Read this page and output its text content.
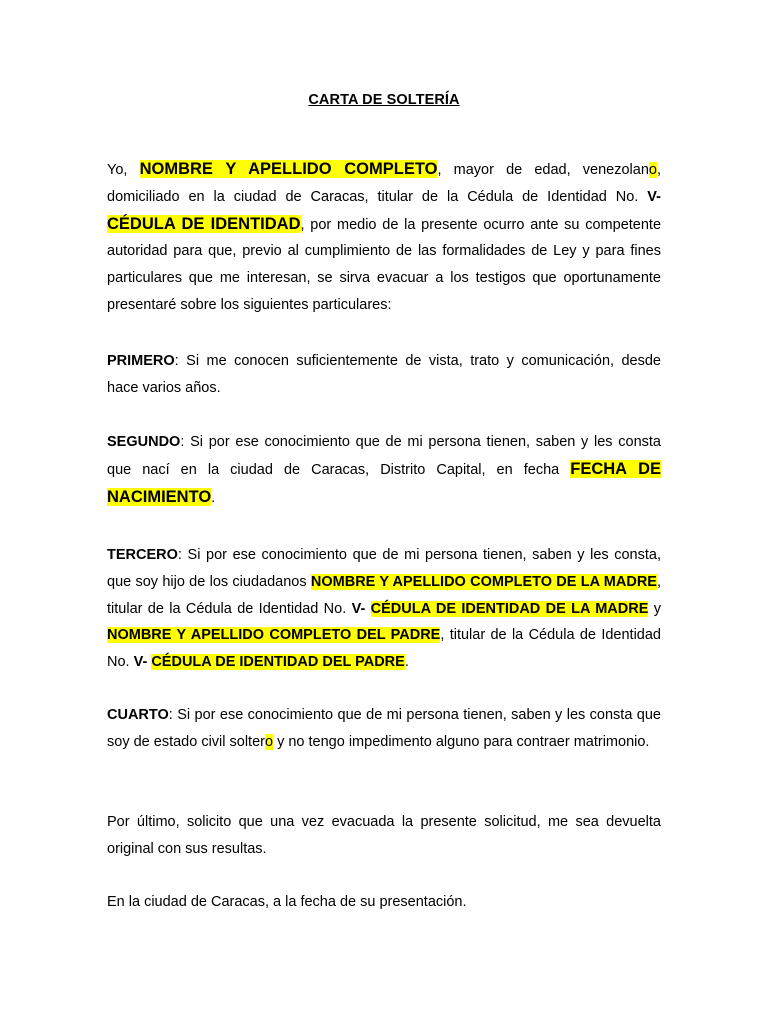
CARTA DE SOLTERÍA
Yo, NOMBRE Y APELLIDO COMPLETO, mayor de edad, venezolano, domiciliado en la ciudad de Caracas, titular de la Cédula de Identidad No. V- CÉDULA DE IDENTIDAD, por medio de la presente ocurro ante su competente autoridad para que, previo al cumplimiento de las formalidades de Ley y para fines particulares que me interesan, se sirva evacuar a los testigos que oportunamente presentaré sobre los siguientes particulares:
PRIMERO: Si me conocen suficientemente de vista, trato y comunicación, desde hace varios años.
SEGUNDO: Si por ese conocimiento que de mi persona tienen, saben y les consta que nací en la ciudad de Caracas, Distrito Capital, en fecha FECHA DE NACIMIENTO.
TERCERO: Si por ese conocimiento que de mi persona tienen, saben y les consta, que soy hijo de los ciudadanos NOMBRE Y APELLIDO COMPLETO DE LA MADRE, titular de la Cédula de Identidad No. V- CÉDULA DE IDENTIDAD DE LA MADRE y NOMBRE Y APELLIDO COMPLETO DEL PADRE, titular de la Cédula de Identidad No. V- CÉDULA DE IDENTIDAD DEL PADRE.
CUARTO: Si por ese conocimiento que de mi persona tienen, saben y les consta que soy de estado civil soltero y no tengo impedimento alguno para contraer matrimonio.
Por último, solicito que una vez evacuada la presente solicitud, me sea devuelta original con sus resultas.
En la ciudad de Caracas, a la fecha de su presentación.
